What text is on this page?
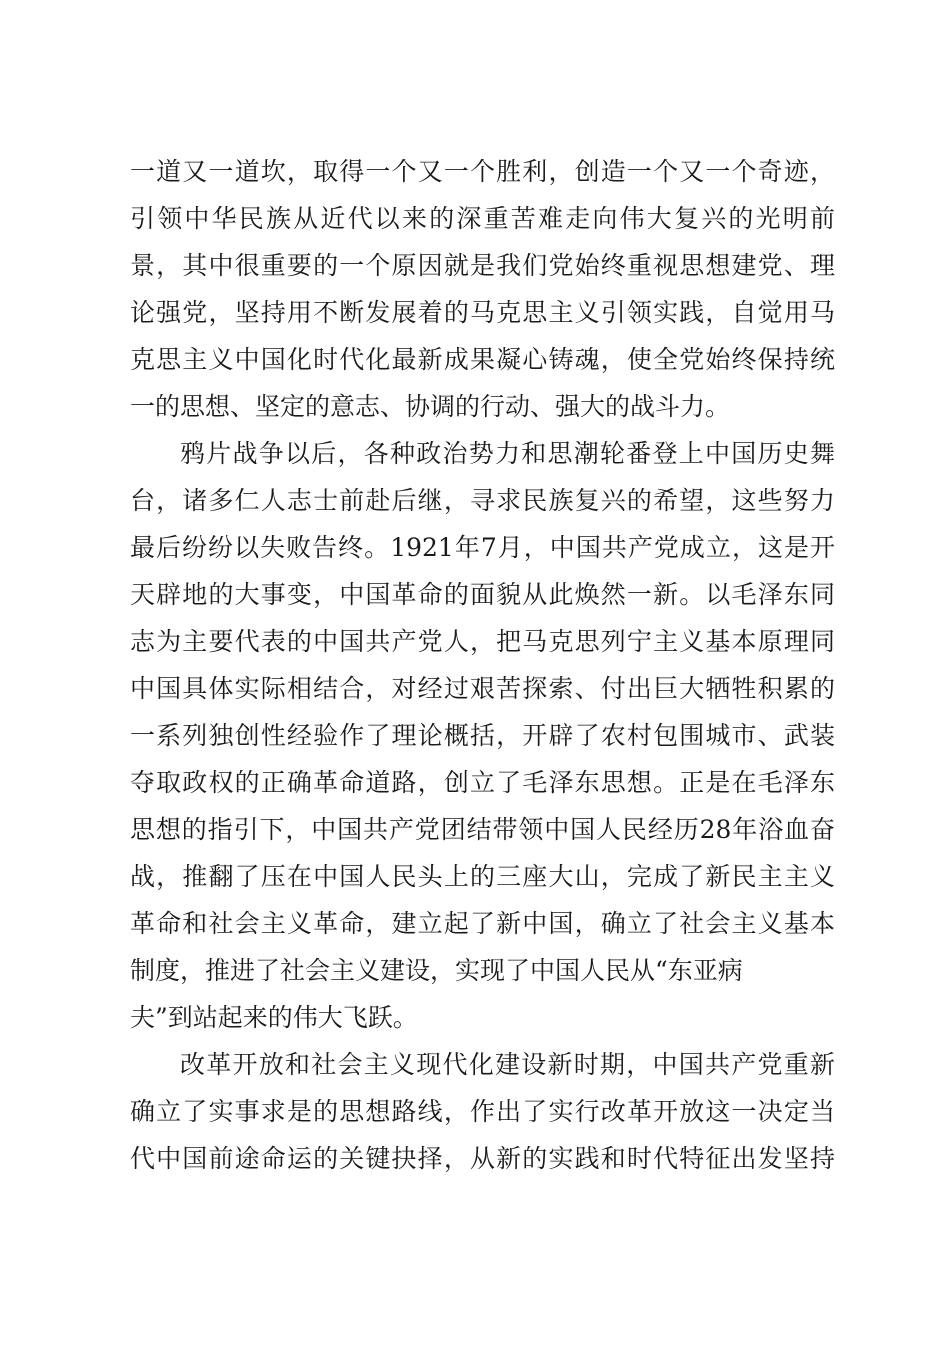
一道又一道坎，取得一个又一个胜利，创造一个又一个奇迹，
引领中华民族从近代以来的深重苦难走向伟大复兴的光明前
景，其中很重要的一个原因就是我们党始终重视思想建党、理
论强党，坚持用不断发展着的马克思主义引领实践，自觉用马
克思主义中国化时代化最新成果凝心铸魂，使全党始终保持统
一的思想、坚定的意志、协调的行动、强大的战斗力。
鸦片战争以后，各种政治势力和思潮轮番登上中国历史舞
台，诸多仁人志士前赴后继，寻求民族复兴的希望，这些努力
最后纷纷以失败告终。1921年7月，中国共产党成立，这是开
天辟地的大事变，中国革命的面貌从此焕然一新。以毛泽东同
志为主要代表的中国共产党人，把马克思列宁主义基本原理同
中国具体实际相结合，对经过艰苦探索、付出巨大牺牲积累的
一系列独创性经验作了理论概括，开辟了农村包围城市、武装
夺取政权的正确革命道路，创立了毛泽东思想。正是在毛泽东
思想的指引下，中国共产党团结带领中国人民经历28年浴血奋
战，推翻了压在中国人民头上的三座大山，完成了新民主主义
革命和社会主义革命，建立起了新中国，确立了社会主义基本
制度，推进了社会主义建设，实现了中国人民从“东亚病
夫”到站起来的伟大飞跃。
改革开放和社会主义现代化建设新时期，中国共产党重新
确立了实事求是的思想路线，作出了实行改革开放这一决定当
代中国前途命运的关键抉择，从新的实践和时代特征出发坚持
